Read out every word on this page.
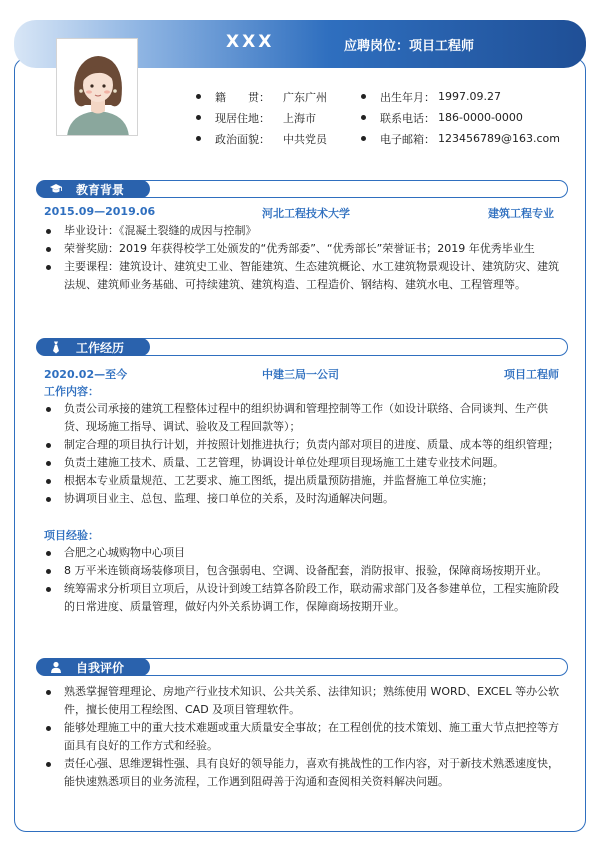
XXX	应聘岗位：项目工程师
籍　　贯：	广东广州
现居住地：	上海市
政治面貌：	中共党员
出生年月： 1997.09.27
联系电话： 186-0000-0000
电子邮箱： 123456789@163.com
教育背景
2015.09—2019.06	河北工程技术大学	建筑工程专业
毕业设计：《混凝土裂缝的成因与控制》
荣誉奖励：2019 年获得校学工处颁发的“优秀部委”、“优秀部长”荣誉证书；2019 年优秀毕业生
主要课程：建筑设计、建筑史工业、智能建筑、生态建筑概论、水工建筑物景观设计、建筑防灾、建筑法规、建筑师业务基础、可持续建筑、建筑构造、工程造价、钢结构、建筑水电、工程管理等。
工作经历
2020.02—至今	中建三局一公司	项目工程师
工作内容：
负责公司承接的建筑工程整体过程中的组织协调和管理控制等工作（如设计联络、合同谈判、生产供货、现场施工指导、调试、验收及工程回款等）；
制定合理的项目执行计划，并按照计划推进执行；负责内部对项目的进度、质量、成本等的组织管理；
负责土建施工技术、质量、工艺管理，协调设计单位处理项目现场施工土建专业技术问题。
根据本专业质量规范、工艺要求、施工图纸，提出质量预防措施，并监督施工单位实施；
协调项目业主、总包、监理、接口单位的关系，及时沟通解决问题。
项目经验：
合肥之心城购物中心项目
8 万平米连锁商场装修项目，包含强弱电、空调、设备配套，消防报审、报验，保障商场按期开业。
统筹需求分析项目立项后，从设计到竣工结算各阶段工作，联动需求部门及各参建单位，工程实施阶段的日常进度、质量管理，做好内外关系协调工作，保障商场按期开业。
自我评价
熟悉掌握管理理论、房地产行业技术知识、公共关系、法律知识；熟练使用 WORD、EXCEL 等办公软件，擅长使用工程绘图、CAD 及项目管理软件。
能够处理施工中的重大技术难题或重大质量安全事故；在工程创优的技术策划、施工重大节点把控等方面具有良好的工作方式和经验。
责任心强、思维逻辑性强、具有良好的领导能力，喜欢有挑战性的工作内容，对于新技术熟悉速度快，能快速熟悉项目的业务流程，工作遇到阻碍善于沟通和查阅相关资料解决问题。
